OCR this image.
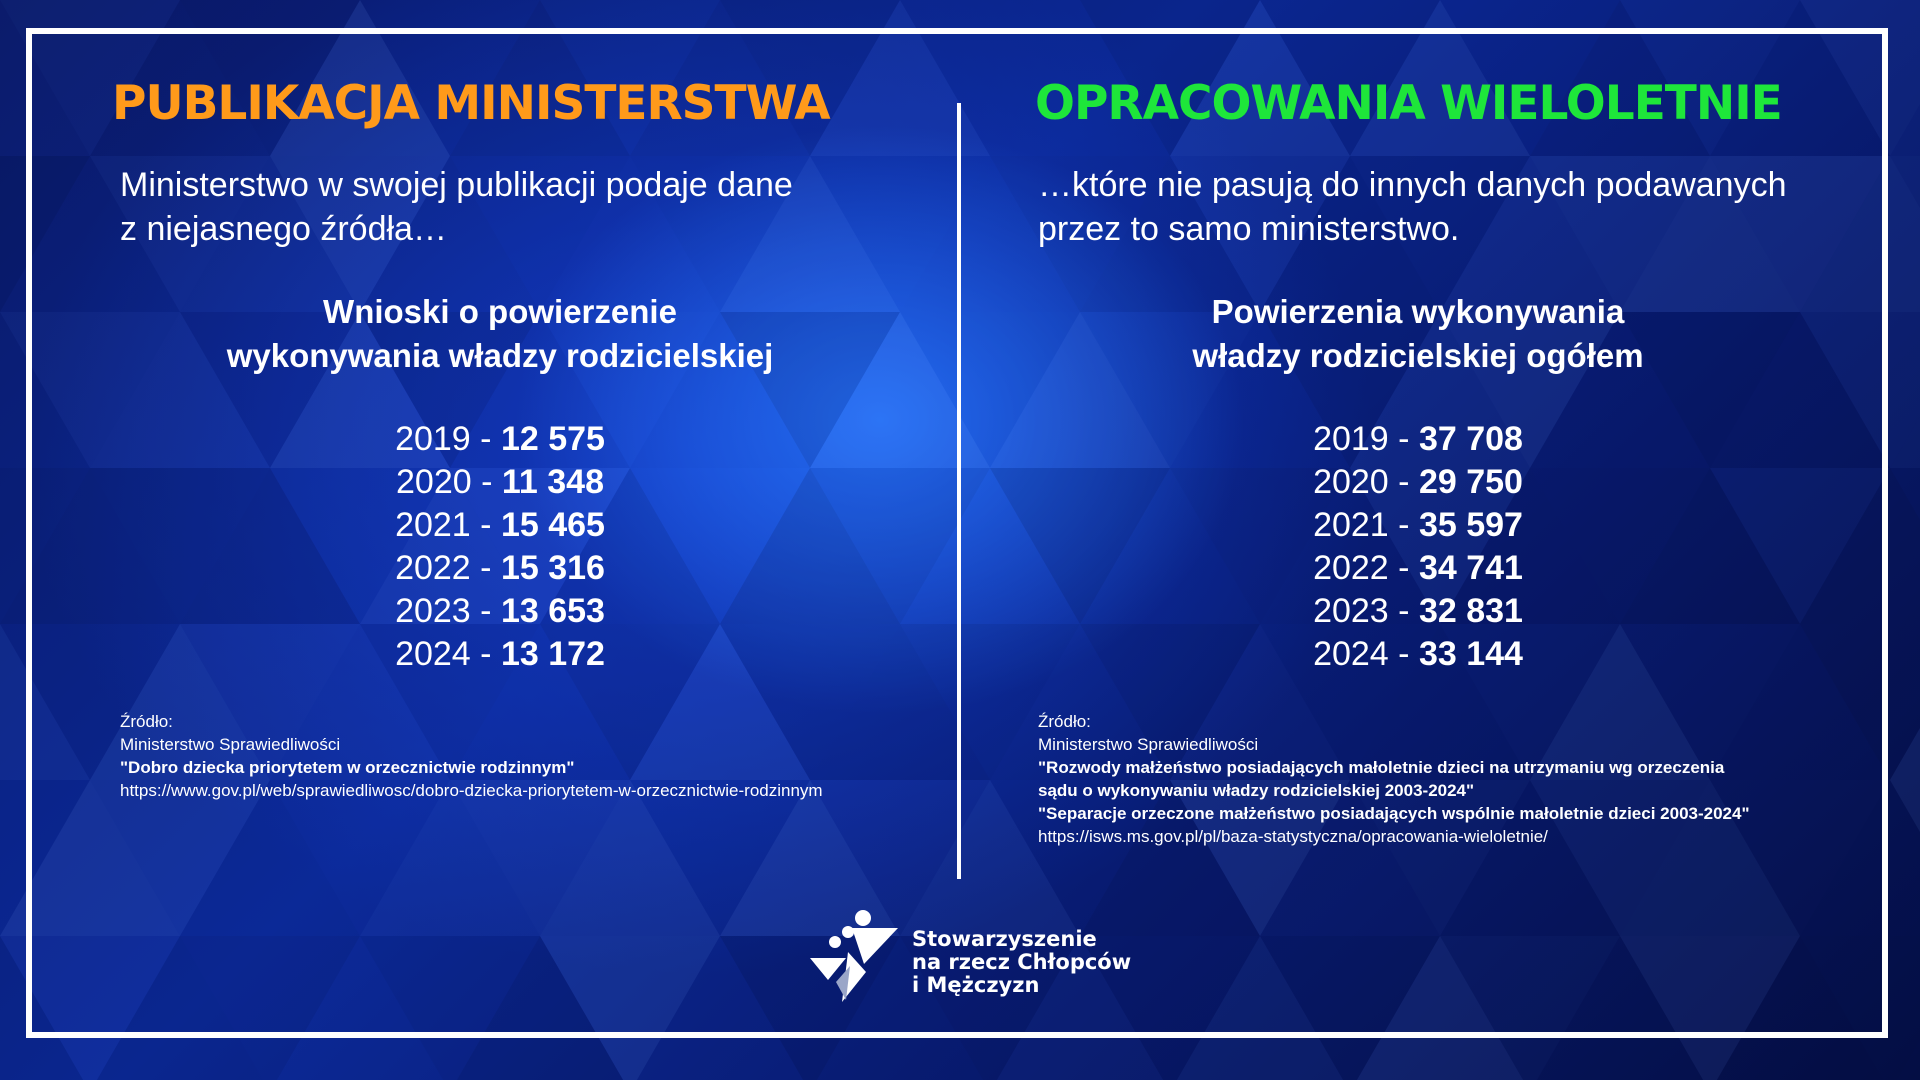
PUBLIKACJA MINISTERSTWA

Ministerstwo w swojej publikacji podaje dane
z niejasnego źródła…

Wnioski o powierzenie
wykonywania władzy rodzicielskiej
2019 - 12 575
2020 - 11 348
2021 - 15 465
2022 - 15 316
2023 - 13 653
2024 - 13 172
Źródło:
Ministerstwo Sprawiedliwości
"Dobro dziecka priorytetem w orzecznictwie rodzinnym"
https://www.gov.pl/web/sprawiedliwosc/dobro-dziecka-priorytetem-w-orzecznictwie-rodzinnym
OPRACOWANIA WIELOLETNIE

…które nie pasują do innych danych podawanych
przez to samo ministerstwo.

Powierzenia wykonywania
władzy rodzicielskiej ogółem
2019 - 37 708
2020 - 29 750
2021 - 35 597
2022 - 34 741
2023 - 32 831
2024 - 33 144
Źródło:
Ministerstwo Sprawiedliwości
"Rozwody małżeństwo posiadających małoletnie dzieci na utrzymaniu wg orzeczenia
sądu o wykonywaniu władzy rodzicielskiej 2003-2024"
"Separacje orzeczone małżeństwo posiadających wspólnie małoletnie dzieci 2003-2024"
https://isws.ms.gov.pl/pl/baza-statystyczna/opracowania-wieloletnie/
Stowarzyszenie
na rzecz Chłopców
i Mężczyzn
